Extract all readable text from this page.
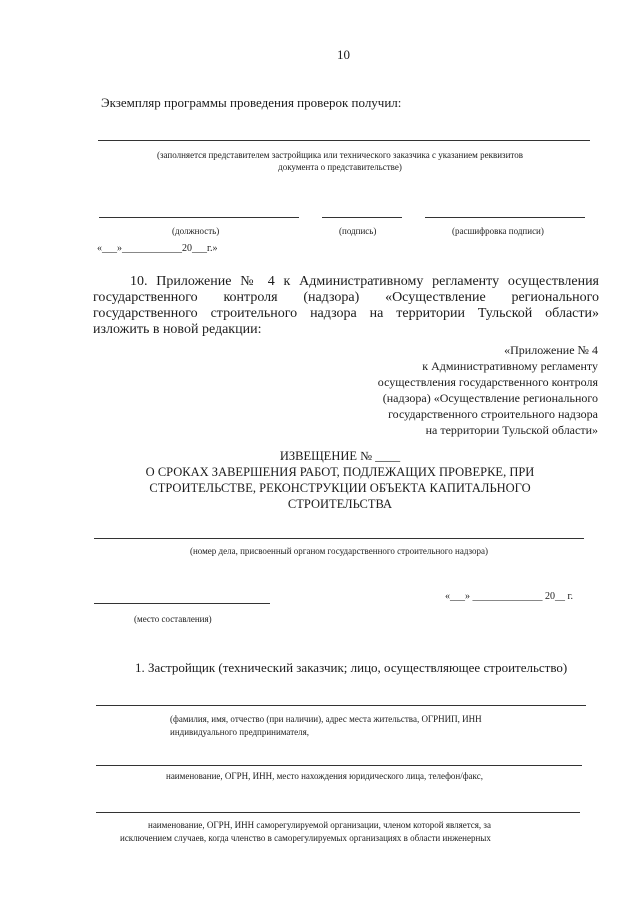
10
Экземпляр программы проведения проверок получил:
(заполняется представителем застройщика или технического заказчика с указанием реквизитов
документа о представительстве)
(должность)	(подпись)	(расшифровка подписи)
«___»____________20___г.»
10. Приложение № 4 к Административному регламенту осуществления
государственного контроля (надзора) «Осуществление регионального
государственного строительного надзора на территории Тульской области»
изложить в новой редакции:
«Приложение № 4
к Административному регламенту
осуществления государственного контроля
(надзора) «Осуществление регионального
государственного строительного надзора
на территории Тульской области»
ИЗВЕЩЕНИЕ № ____
О СРОКАХ ЗАВЕРШЕНИЯ РАБОТ, ПОДЛЕЖАЩИХ ПРОВЕРКЕ, ПРИ
СТРОИТЕЛЬСТВЕ, РЕКОНСТРУКЦИИ ОБЪЕКТА КАПИТАЛЬНОГО
СТРОИТЕЛЬСТВА
(номер дела, присвоенный органом государственного строительного надзора)
«___» ______________ 20__ г.
(место составления)
1. Застройщик (технический заказчик; лицо, осуществляющее строительство)
(фамилия, имя, отчество (при наличии), адрес места жительства, ОГРНИП, ИНН
индивидуального предпринимателя,
наименование, ОГРН, ИНН, место нахождения юридического лица, телефон/факс,
наименование, ОГРН, ИНН саморегулируемой организации, членом которой является, за
исключением случаев, когда членство в саморегулируемых организациях в области инженерных
